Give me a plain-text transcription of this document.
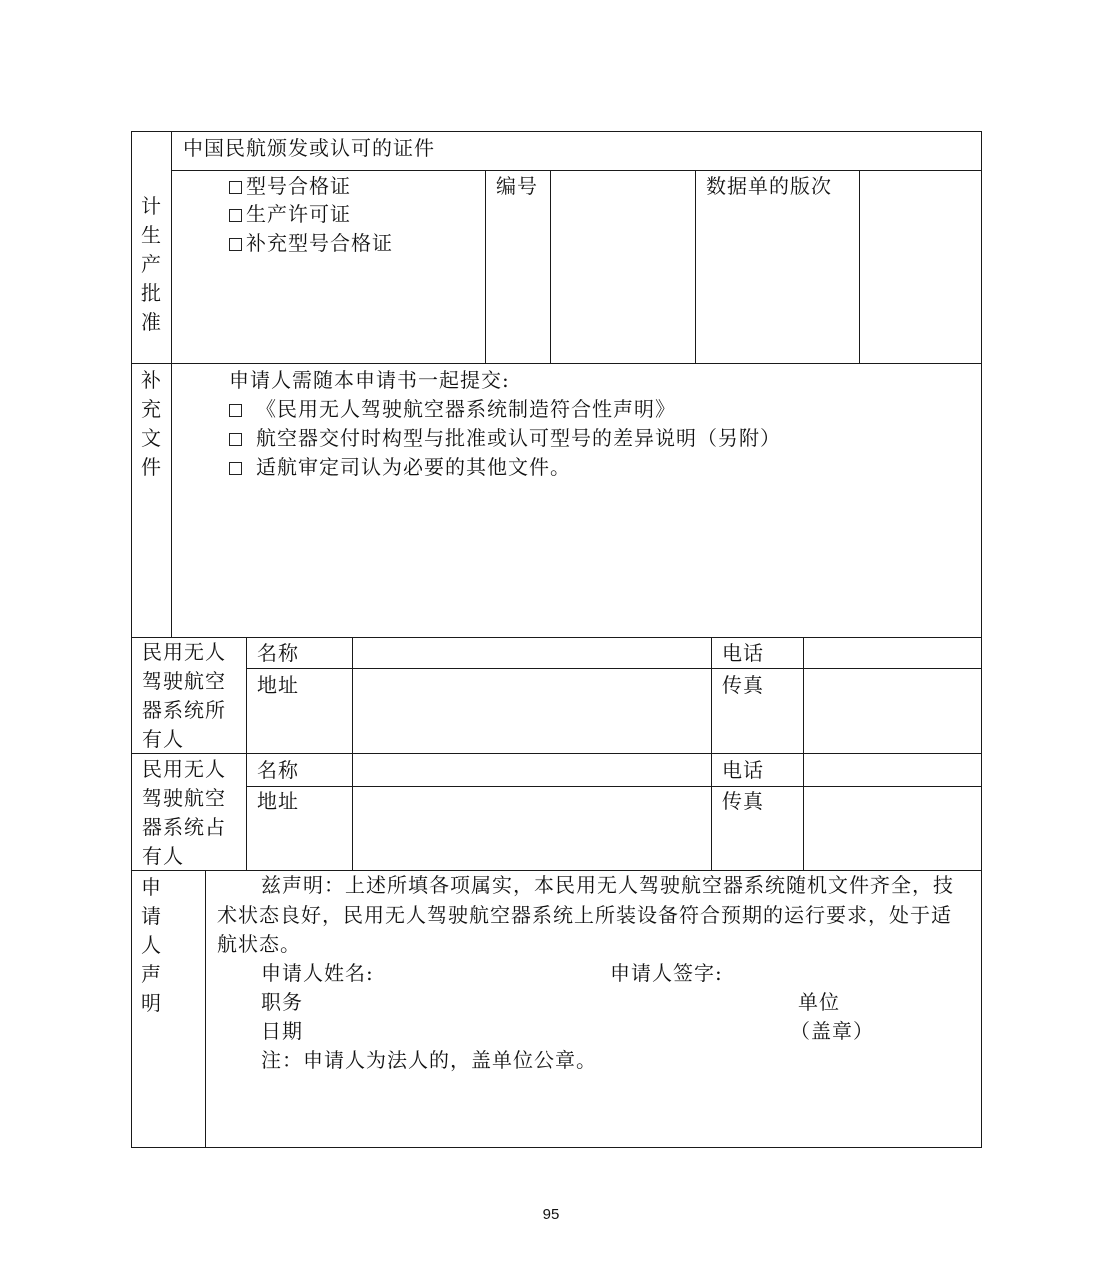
计生产批准
中国民航颁发或认可的证件
型号合格证
生产许可证
补充型号合格证
编号	数据单的版次
补充文件
申请人需随本申请书一起提交:
《民用无人驾驶航空器系统制造符合性声明》
航空器交付时构型与批准或认可型号的差异说明（另附）
适航审定司认为必要的其他文件。
民用无人驾驶航空器系统所有人
名称	电话
地址	传真
民用无人驾驶航空器系统占有人
名称	电话
地址	传真
申请人声明
兹声明：上述所填各项属实，本民用无人驾驶航空器系统随机文件齐全，技术状态良好，民用无人驾驶航空器系统上所装设备符合预期的运行要求，处于适航状态。
申请人姓名:	申请人签字:
职务	单位
日期	（盖章）
注：申请人为法人的，盖单位公章。
95
